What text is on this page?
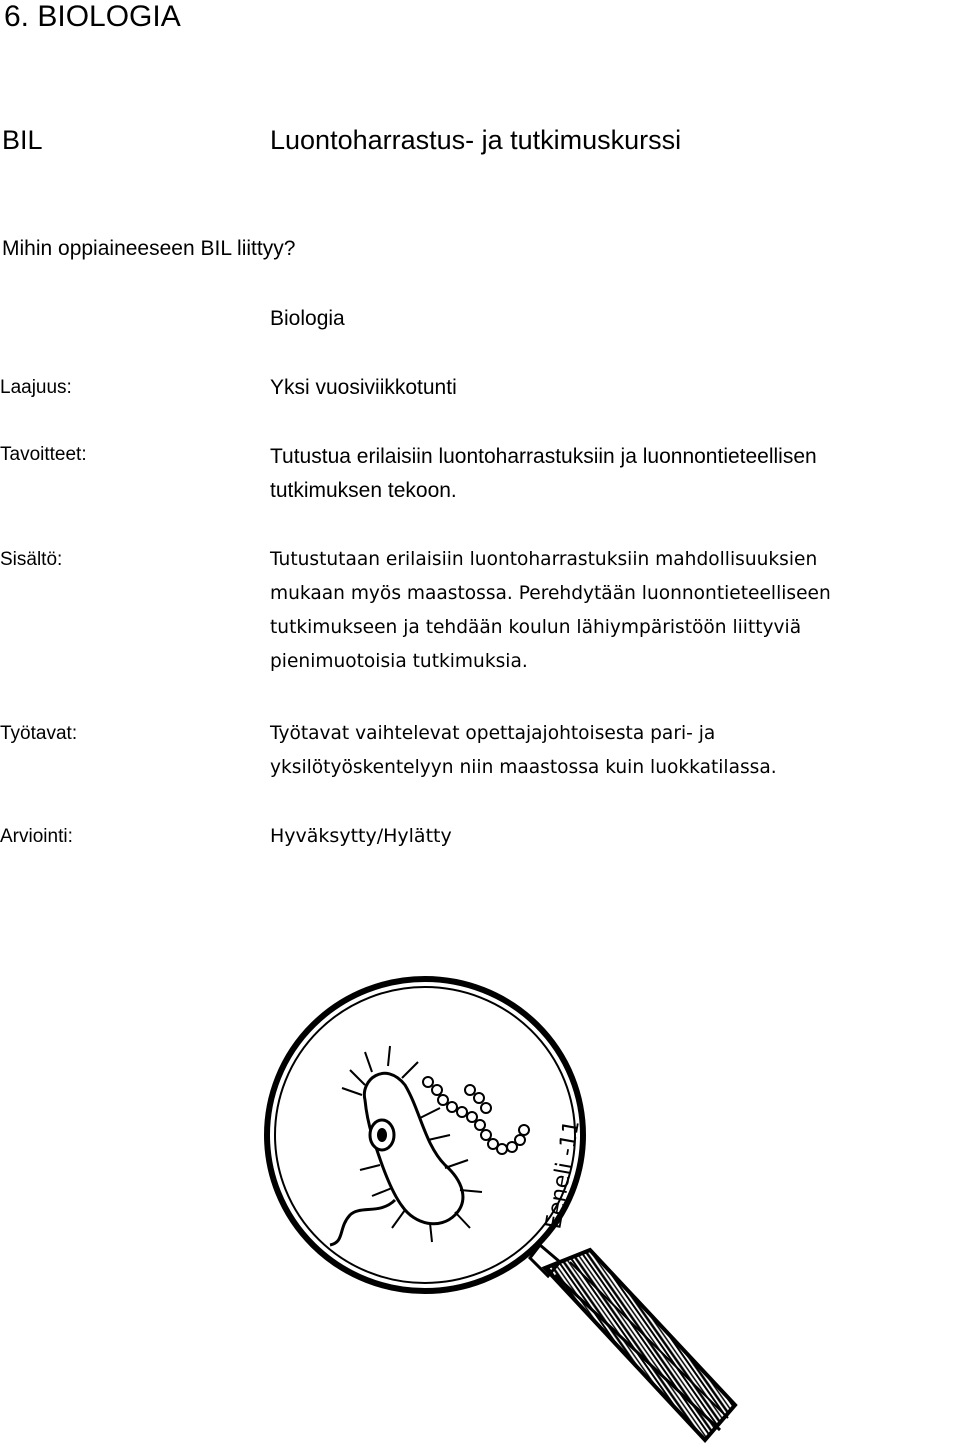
6. BIOLOGIA
BIL	Luontoharrastus- ja tutkimuskurssi
Mihin oppiaineeseen BIL liittyy?
Biologia
Laajuus:	Yksi vuosiviikkotunti
Tavoitteet:	Tutustua erilaisiin luontoharrastuksiin ja luonnontieteellisen
tutkimuksen tekoon.
Sisältö:	Tutustutaan erilaisiin luontoharrastuksiin mahdollisuuksien
mukaan myös maastossa. Perehdytään luonnontieteelliseen
tutkimukseen ja tehdään koulun lähiympäristöön liittyviä
pienimuotoisia tutkimuksia.
Työtavat:	Työtavat vaihtelevat opettajajohtoisesta pari- ja
yksilötyöskentelyyn niin maastossa kuin luokkatilassa.
Arviointi:	Hyväksytty/Hylätty
Eeneli -11
